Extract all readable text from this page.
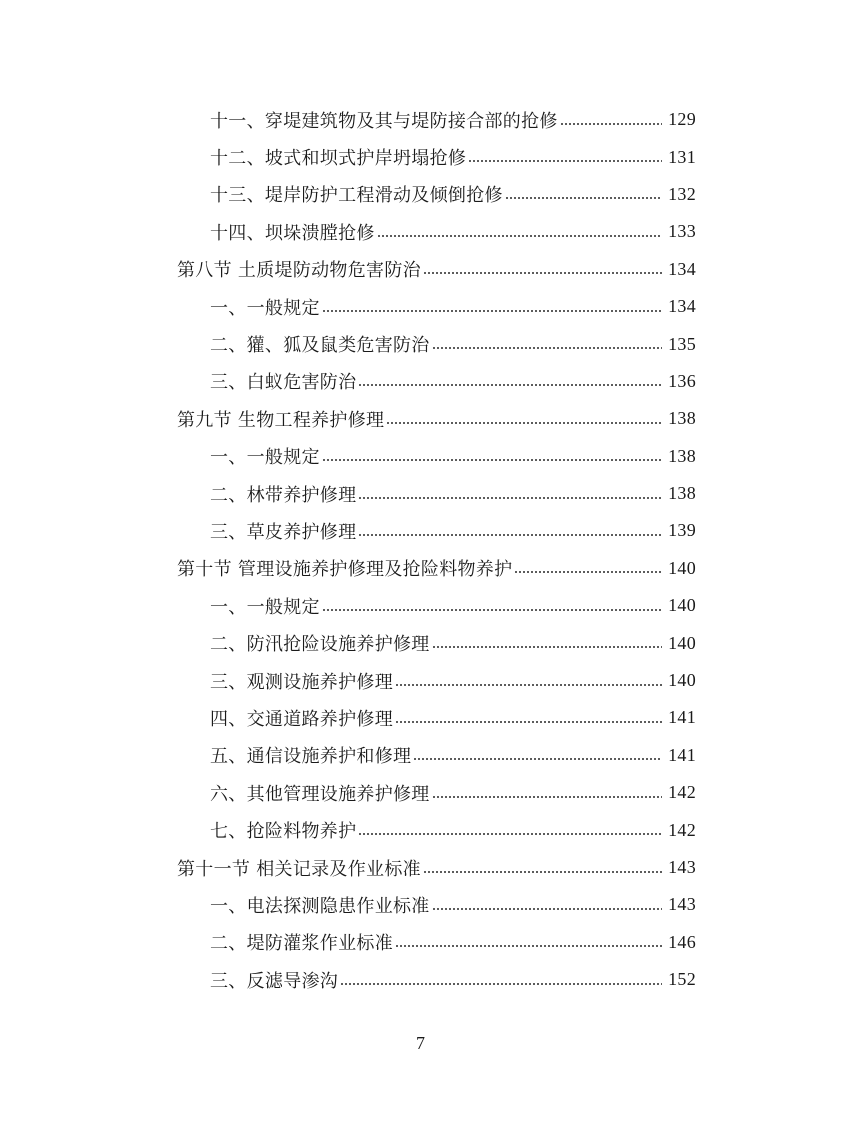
十一、穿堤建筑物及其与堤防接合部的抢修	129
十二、坡式和坝式护岸坍塌抢修	131
十三、堤岸防护工程滑动及倾倒抢修	132
十四、坝垛溃膛抢修	133
第八节 土质堤防动物危害防治	134
一、一般规定	134
二、獾、狐及鼠类危害防治	135
三、白蚁危害防治	136
第九节 生物工程养护修理	138
一、一般规定	138
二、林带养护修理	138
三、草皮养护修理	139
第十节 管理设施养护修理及抢险料物养护	140
一、一般规定	140
二、防汛抢险设施养护修理	140
三、观测设施养护修理	140
四、交通道路养护修理	141
五、通信设施养护和修理	141
六、其他管理设施养护修理	142
七、抢险料物养护	142
第十一节 相关记录及作业标准	143
一、电法探测隐患作业标准	143
二、堤防灌浆作业标准	146
三、反滤导渗沟	152
7
